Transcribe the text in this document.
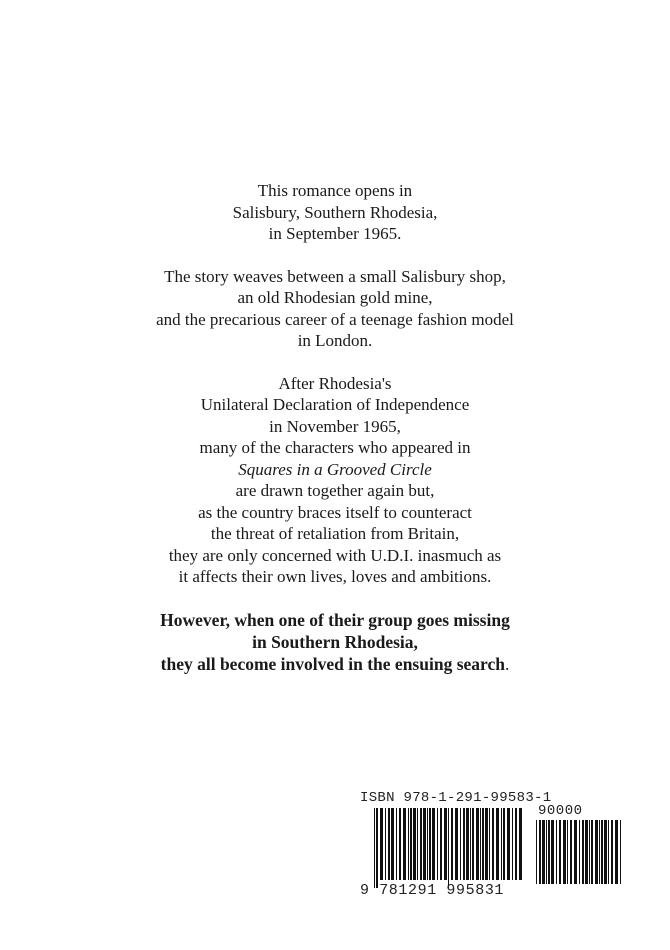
This romance opens in
Salisbury, Southern Rhodesia,
in September 1965.

The story weaves between a small Salisbury shop,
an old Rhodesian gold mine,
and the precarious career of a teenage fashion model
in London.

After Rhodesia's
Unilateral Declaration of Independence
in November 1965,
many of the characters who appeared in
Squares in a Grooved Circle
are drawn together again but,
as the country braces itself to counteract
the threat of retaliation from Britain,
they are only concerned with U.D.I. inasmuch as
it affects their own lives, loves and ambitions.

However, when one of their group goes missing
in Southern Rhodesia,
they all become involved in the ensuing search.

ISBN 978-1-291-99583-1
90000
9 781291 995831
